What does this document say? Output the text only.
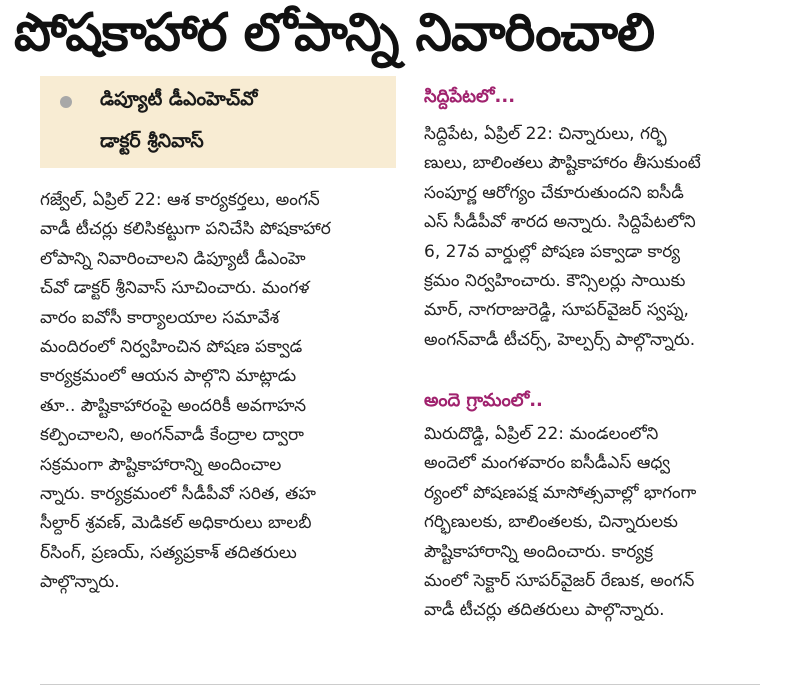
పోషకాహార లోపాన్ని నివారించాలి
డిప్యూటీ డీఎంహెచ్‌వో
డాక్టర్ శ్రీనివాస్
గజ్వేల్, ఏప్రిల్ 22: ఆశ కార్యకర్తలు, అంగన్
వాడీ టీచర్లు కలిసికట్టుగా పనిచేసి పోషకాహార
లోపాన్ని నివారించాలని డిప్యూటీ డీఎంహె
చ్‌వో డాక్టర్ శ్రీనివాస్ సూచించారు. మంగళ
వారం ఐవోసీ కార్యాలయాల సమావేశ
మందిరంలో నిర్వహించిన పోషణ పక్వాడ
కార్యక్రమంలో ఆయన పాల్గొని మాట్లాడు
తూ.. పౌష్టికాహారంపై అందరికీ అవగాహన
కల్పించాలని, అంగన్‌వాడీ కేంద్రాల ద్వారా
సక్రమంగా పౌష్టికాహారాన్ని అందించాల
న్నారు. కార్యక్రమంలో సీడీపీవో సరిత, తహ
సీల్దార్ శ్రవణ్, మెడికల్ అధికారులు బాలబీ
ర్‌సింగ్, ప్రణయ్, సత్యప్రకాశ్ తదితరులు
పాల్గొన్నారు.
సిద్దిపేటలో...
సిద్దిపేట, ఏప్రిల్ 22: చిన్నారులు, గర్భి
ణులు, బాలింతలు పౌష్టికాహారం తీసుకుంటే
సంపూర్ణ ఆరోగ్యం చేకూరుతుందని ఐసీడీ
ఎస్ సీడీపీవో శారద అన్నారు. సిద్దిపేటలోని
6, 27వ వార్డుల్లో పోషణ పక్వాడా కార్య
క్రమం నిర్వహించారు. కౌన్సిలర్లు సాయికు
మార్, నాగరాజురెడ్డి, సూపర్‌వైజర్ స్వప్న,
అంగన్‌వాడీ టీచర్స్, హెల్పర్స్ పాల్గొన్నారు.
మిరుదొడ్డి, ఏప్రిల్ 22: మండలంలోని
అందెలో మంగళవారం ఐసీడీఎస్ ఆధ్వ
ర్యంలో పోషణపక్ష మాసోత్సవాల్లో భాగంగా
గర్భిణులకు, బాలింతలకు, చిన్నారులకు
పౌష్టికాహారాన్ని అందించారు. కార్యక్ర
మంలో సెక్టార్ సూపర్‌వైజర్ రేణుక, అంగన్
వాడీ టీచర్లు తదితరులు పాల్గొన్నారు.
అందె గ్రామంలో..
